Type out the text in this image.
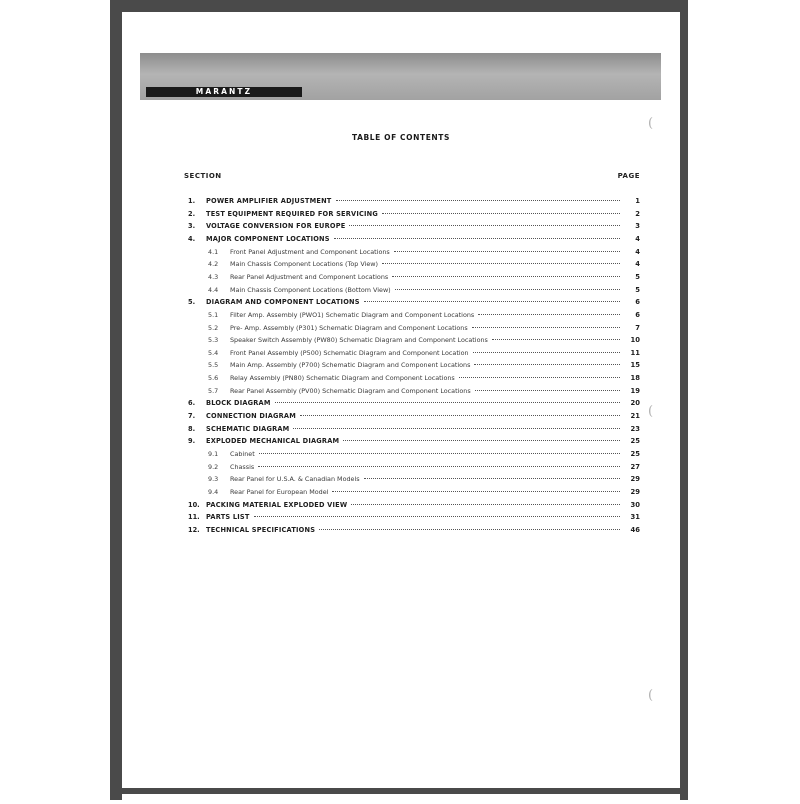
MARANTZ
TABLE OF CONTENTS
SECTION	PAGE
1.	POWER AMPLIFIER ADJUSTMENT	1
2.	TEST EQUIPMENT REQUIRED FOR SERVICING	2
3.	VOLTAGE CONVERSION FOR EUROPE	3
4.	MAJOR COMPONENT LOCATIONS	4
4.1	Front Panel Adjustment and Component Locations	4
4.2	Main Chassis Component Locations (Top View)	4
4.3	Rear Panel Adjustment and Component Locations	5
4.4	Main Chassis Component Locations (Bottom View)	5
5.	DIAGRAM AND COMPONENT LOCATIONS	6
5.1	Filter Amp. Assembly (PWO1) Schematic Diagram and Component Locations	6
5.2	Pre- Amp. Assembly (P301) Schematic Diagram and Component Locations	7
5.3	Speaker Switch Assembly (PW80) Schematic Diagram and Component Locations	10
5.4	Front Panel Assembly (P500) Schematic Diagram and Component Location	11
5.5	Main Amp. Assembly (P700) Schematic Diagram and Component Locations	15
5.6	Relay Assembly (PN80) Schematic Diagram and Component Locations	18
5.7	Rear Panel Assembly (PV00) Schematic Diagram and Component Locations	19
6.	BLOCK DIAGRAM	20
7.	CONNECTION DIAGRAM	21
8.	SCHEMATIC DIAGRAM	23
9.	EXPLODED MECHANICAL DIAGRAM	25
9.1	Cabinet	25
9.2	Chassis	27
9.3	Rear Panel for U.S.A. & Canadian Models	29
9.4	Rear Panel for European Model	29
10. PACKING MATERIAL EXPLODED VIEW	30
11. PARTS LIST	31
12. TECHNICAL SPECIFICATIONS	46
(
(
(
